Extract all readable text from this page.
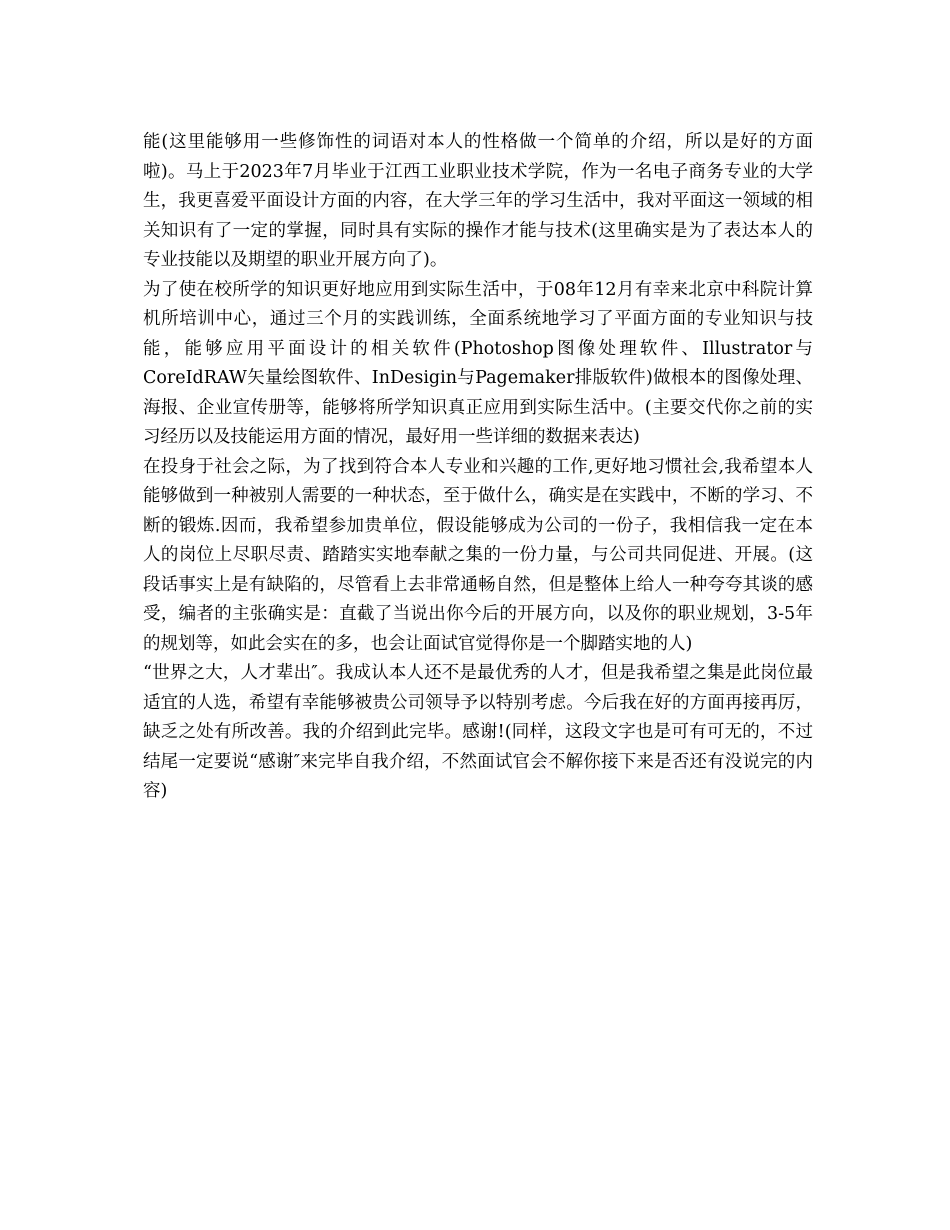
能(这里能够用一些修饰性的词语对本人的性格做一个简单的介绍，所以是好的方面啦)。马上于2023年7月毕业于江西工业职业技术学院，作为一名电子商务专业的大学生，我更喜爱平面设计方面的内容，在大学三年的学习生活中，我对平面这一领域的相关知识有了一定的掌握，同时具有实际的操作才能与技术(这里确实是为了表达本人的专业技能以及期望的职业开展方向了)。

为了使在校所学的知识更好地应用到实际生活中，于08年12月有幸来北京中科院计算机所培训中心，通过三个月的实践训练，全面系统地学习了平面方面的专业知识与技能，能够应用平面设计的相关软件(Photoshop图像处理软件、Illustrator与CoreIdRAW矢量绘图软件、InDesigin与Pagemaker排版软件)做根本的图像处理、海报、企业宣传册等，能够将所学知识真正应用到实际生活中。(主要交代你之前的实习经历以及技能运用方面的情况，最好用一些详细的数据来表达)

在投身于社会之际，为了找到符合本人专业和兴趣的工作,更好地习惯社会,我希望本人能够做到一种被别人需要的一种状态，至于做什么，确实是在实践中，不断的学习、不断的锻炼.因而，我希望参加贵单位，假设能够成为公司的一份子，我相信我一定在本人的岗位上尽职尽责、踏踏实实地奉献之集的一份力量，与公司共同促进、开展。(这段话事实上是有缺陷的，尽管看上去非常通畅自然，但是整体上给人一种夸夸其谈的感受，编者的主张确实是：直截了当说出你今后的开展方向，以及你的职业规划，3-5年的规划等，如此会实在的多，也会让面试官觉得你是一个脚踏实地的人)

“世界之大，人才辈出″。我成认本人还不是最优秀的人才，但是我希望之集是此岗位最适宜的人选，希望有幸能够被贵公司领导予以特别考虑。今后我在好的方面再接再厉，缺乏之处有所改善。我的介绍到此完毕。感谢!(同样，这段文字也是可有可无的，不过结尾一定要说“感谢″来完毕自我介绍，不然面试官会不解你接下来是否还有没说完的内容)
